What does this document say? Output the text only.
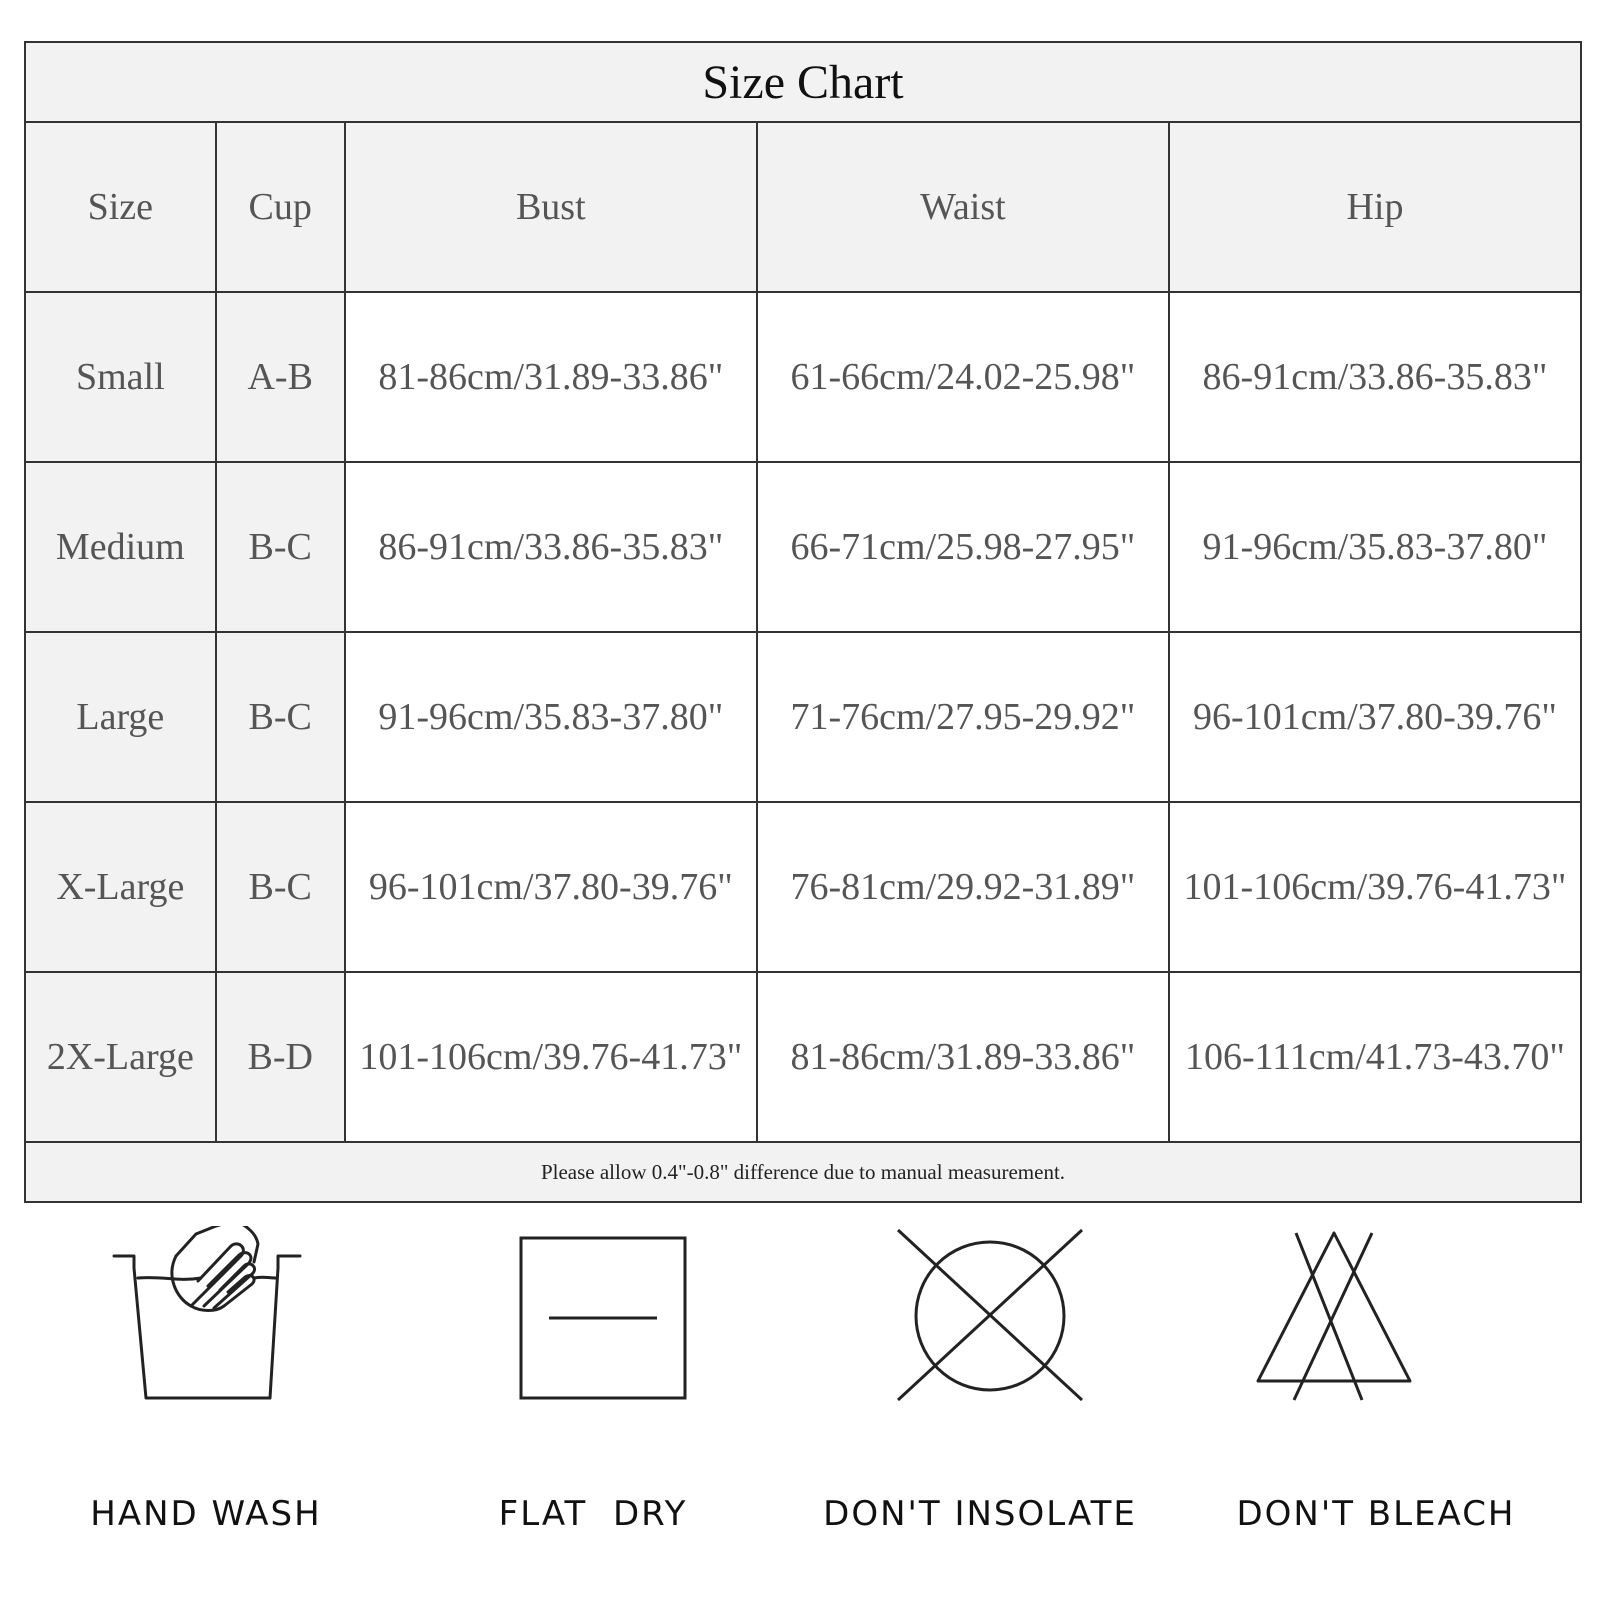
Size Chart				
Size	Cup	Bust	Waist	Hip
Small	A-B	81-86cm/31.89-33.86"	61-66cm/24.02-25.98"	86-91cm/33.86-35.83"
Medium	B-C	86-91cm/33.86-35.83"	66-71cm/25.98-27.95"	91-96cm/35.83-37.80"
Large	B-C	91-96cm/35.83-37.80"	71-76cm/27.95-29.92"	96-101cm/37.80-39.76"
X-Large	B-C	96-101cm/37.80-39.76"	76-81cm/29.92-31.89"	101-106cm/39.76-41.73"
2X-Large	B-D	101-106cm/39.76-41.73"	81-86cm/31.89-33.86"	106-111cm/41.73-43.70"
Please allow 0.4"-0.8" difference due to manual measurement.				
HAND WASH	FLAT  DRY	DON'T INSOLATE	DON'T BLEACH
